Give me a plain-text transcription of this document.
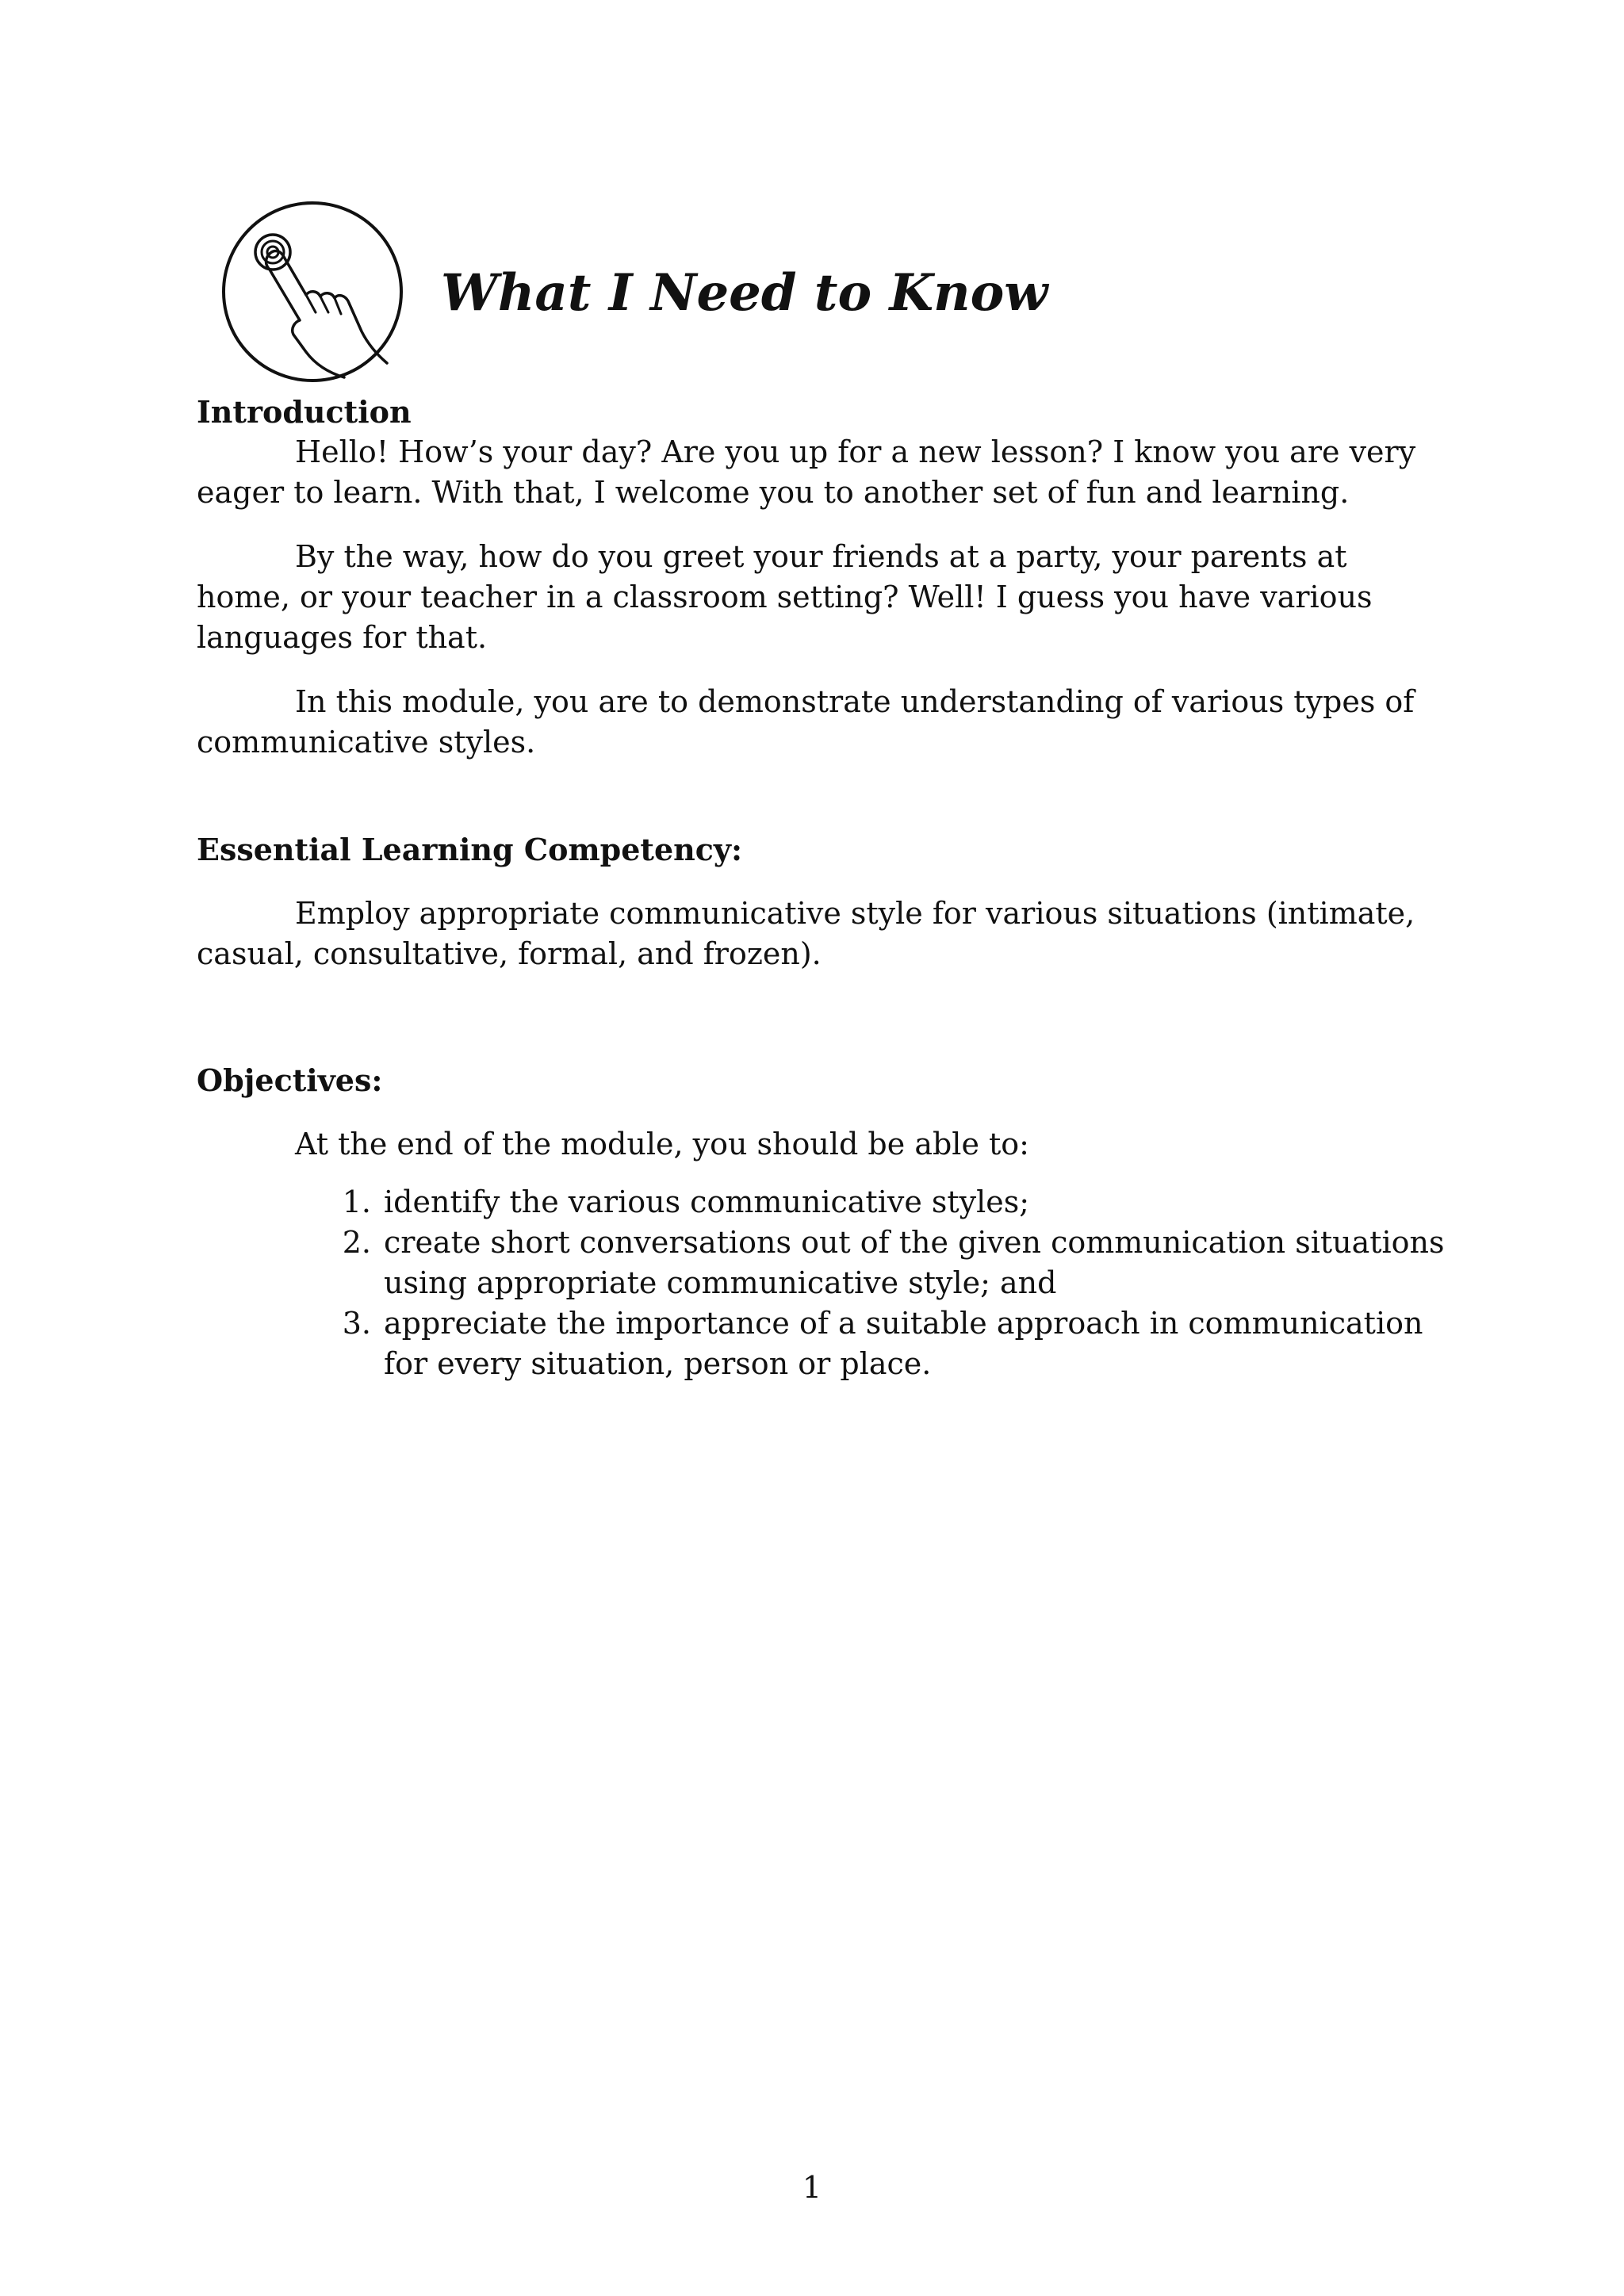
What I Need to Know

Introduction

Hello! How’s your day? Are you up for a new lesson? I know you are very eager to learn. With that, I welcome you to another set of fun and learning.

By the way, how do you greet your friends at a party, your parents at home, or your teacher in a classroom setting? Well! I guess you have various languages for that.

In this module, you are to demonstrate understanding of various types of communicative styles.

Essential Learning Competency:

Employ appropriate communicative style for various situations (intimate, casual, consultative, formal, and frozen).

Objectives:

At the end of the module, you should be able to:

1. identify the various communicative styles;
2. create short conversations out of the given communication situations using appropriate communicative style; and
3. appreciate the importance of a suitable approach in communication for every situation, person or place.
1
